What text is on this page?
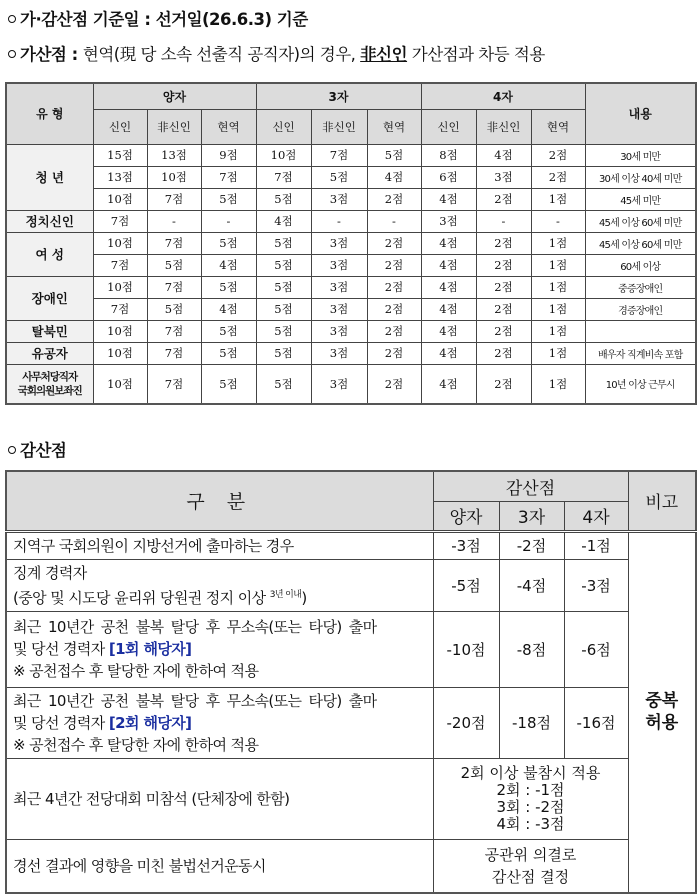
가·감산점 기준일 : 선거일(26.6.3) 기준
가산점 : 현역(現 당 소속 선출직 공직자)의 경우, 非신인 가산점과 차등 적용
유 형	양자			3자			4자			내용
	신인	非신인	현역	신인	非신인	현역	신인	非신인	현역	
청 년	15점	13점	9점	10점	7점	5점	8점	4점	2점	30세 미만
	13점	10점	7점	7점	5점	4점	6점	3점	2점	30세 이상 40세 미만
	10점	7점	5점	5점	3점	2점	4점	2점	1점	45세 미만
정치신인	7점	-	-	4점	-	-	3점	-	-	45세 이상 60세 미만
여 성	10점	7점	5점	5점	3점	2점	4점	2점	1점	45세 이상 60세 미만
	7점	5점	4점	5점	3점	2점	4점	2점	1점	60세 이상
장애인	10점	7점	5점	5점	3점	2점	4점	2점	1점	중증장애인
	7점	5점	4점	5점	3점	2점	4점	2점	1점	경증장애인
탈북민	10점	7점	5점	5점	3점	2점	4점	2점	1점	
유공자	10점	7점	5점	5점	3점	2점	4점	2점	1점	배우자 직계비속 포함

사무처당직자
국회의원보좌진	10점	7점	5점	5점	3점	2점	4점	2점	1점	10년 이상 근무시
감산점
구 분	감산점			비고
	양자	3자	4자	
지역구 국회의원이 지방선거에 출마하는 경우	-3점	-2점	-1점	중복
허용

징계 경력자
(중앙 및 시도당 윤리위 당원권 정지 이상 $^{3년 이내}$)	-5점	-4점	-3점	

최근 10년간 공천 불복 탈당 후 무소속(또는 타당) 출마
및 당선 경력자 [1회 해당자]
※ 공천접수 후 탈당한 자에 한하여 적용	-10점	-8점	-6점	

최근 10년간 공천 불복 탈당 후 무소속(또는 타당) 출마
및 당선 경력자 [2회 해당자]
※ 공천접수 후 탈당한 자에 한하여 적용	-20점	-18점	-16점	
최근 4년간 전당대회 미참석 (단체장에 한함)	2회 이상 불참시 적용
2회 : -1점
3회 : -2점
4회 : -3점			

경선 결과에 영향을 미친 불법선거운동시	공관위 의결로
감산점 결정			
